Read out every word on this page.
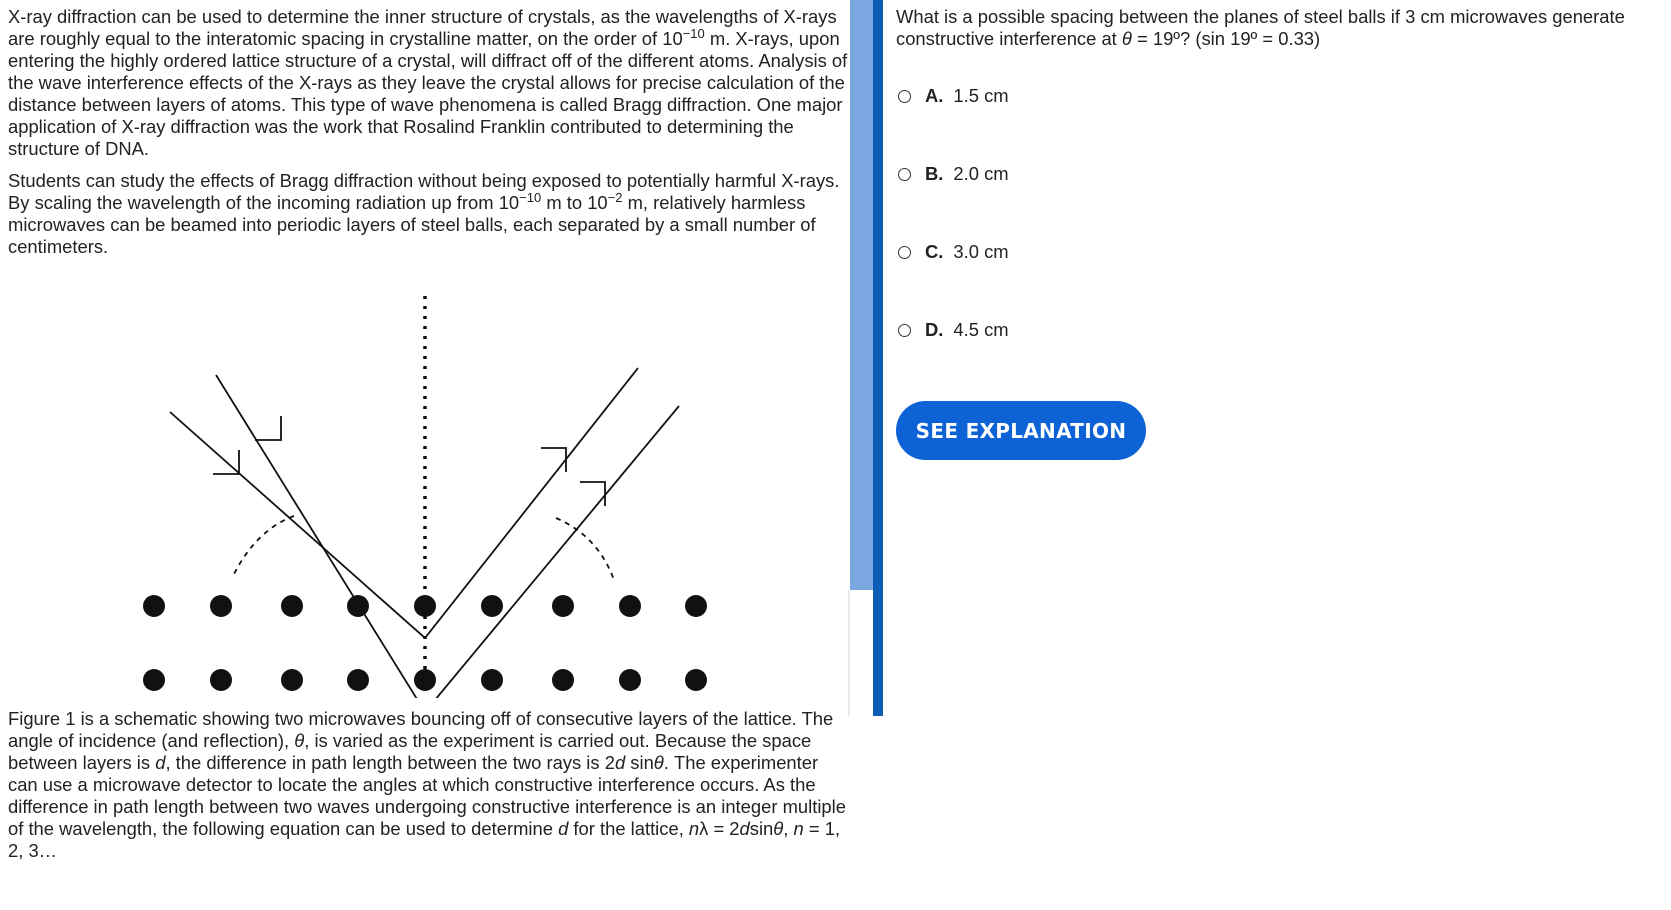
X-ray diffraction can be used to determine the inner structure of crystals, as the wavelengths of X-rays are roughly equal to the interatomic spacing in crystalline matter, on the order of $10^{-10}$ m. X-rays, upon entering the highly ordered lattice structure of a crystal, will diffract off of the different atoms. Analysis of the wave interference effects of the X-rays as they leave the crystal allows for precise calculation of the distance between layers of atoms. This type of wave phenomena is called Bragg diffraction. One major application of X-ray diffraction was the work that Rosalind Franklin contributed to determining the structure of DNA.

Students can study the effects of Bragg diffraction without being exposed to potentially harmful X-rays. By scaling the wavelength of the incoming radiation up from $10^{-10}$ m to $10^{-2}$ m, relatively harmless microwaves can be beamed into periodic layers of steel balls, each separated by a small number of centimeters.

Figure 1 is a schematic showing two microwaves bouncing off of consecutive layers of the lattice. The angle of incidence (and reflection), θ, is varied as the experiment is carried out. Because the space between layers is d, the difference in path length between the two rays is 2d sinθ. The experimenter can use a microwave detector to locate the angles at which constructive interference occurs. As the difference in path length between two waves undergoing constructive interference is an integer multiple of the wavelength, the following equation can be used to determine d for the lattice, nλ = 2dsinθ, n = 1, 2, 3…

What is a possible spacing between the planes of steel balls if 3 cm microwaves generate constructive interference at θ = 19º? (sin 19º = 0.33)
A. 1.5 cm
B. 2.0 cm
C. 3.0 cm
D. 4.5 cm
SEE EXPLANATION
